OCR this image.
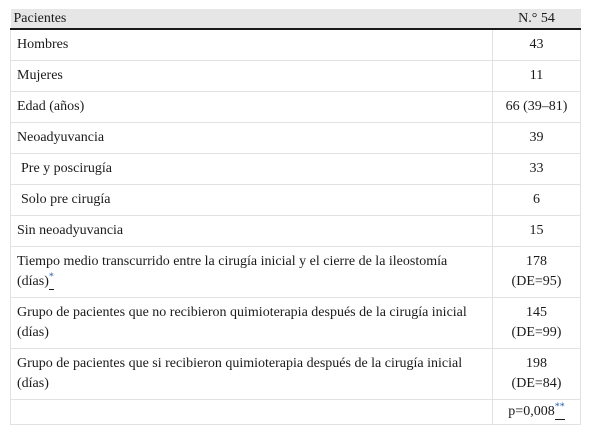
Pacientes	N.° 54
Hombres	43
Mujeres	11
Edad (años)	66 (39–81)
Neoadyuvancia	39
Pre y poscirugía	33
Solo pre cirugía	6
Sin neoadyuvancia	15
Tiempo medio transcurrido entre la cirugía inicial y el cierre de la ileostomía (días)*	178
(DE=95)

Grupo de pacientes que no recibieron quimioterapia después de la cirugía inicial (días)	145
(DE=99)

Grupo de pacientes que si recibieron quimioterapia después de la cirugía inicial (días)	198
(DE=84)

	p=0,008**
